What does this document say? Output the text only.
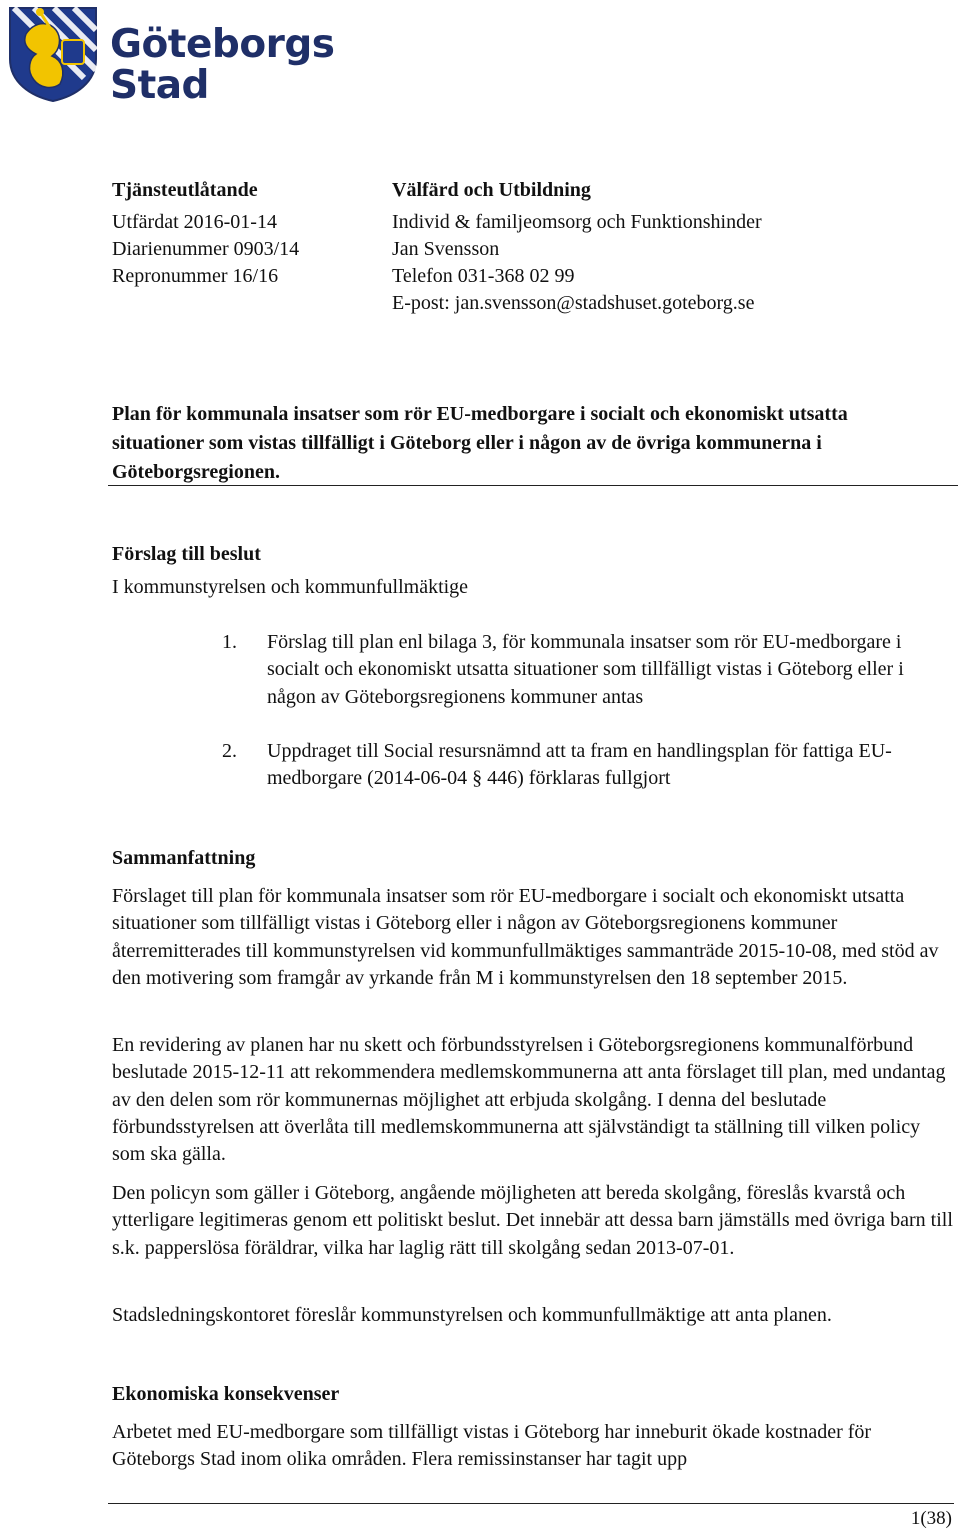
Göteborgs
Stad
Tjänsteutlåtande
Utfärdat 2016-01-14
Diarienummer 0903/14
Repronummer 16/16
Välfärd och Utbildning
Individ & familjeomsorg och Funktionshinder
Jan Svensson
Telefon 031-368 02 99
E-post: jan.svensson@stadshuset.goteborg.se
Plan för kommunala insatser som rör EU-medborgare i socialt och ekonomiskt utsatta situationer som vistas tillfälligt i Göteborg eller i någon av de övriga kommunerna i Göteborgsregionen.
Förslag till beslut
I kommunstyrelsen och kommunfullmäktige
1. Förslag till plan enl bilaga 3, för kommunala insatser som rör EU-medborgare i socialt och ekonomiskt utsatta situationer som tillfälligt vistas i Göteborg eller i någon av Göteborgsregionens kommuner antas
2. Uppdraget till Social resursnämnd att ta fram en handlingsplan för fattiga EU-medborgare (2014-06-04 § 446) förklaras fullgjort
Sammanfattning
Förslaget till plan för kommunala insatser som rör EU-medborgare i socialt och ekonomiskt utsatta situationer som tillfälligt vistas i Göteborg eller i någon av Göteborgsregionens kommuner återremitterades till kommunstyrelsen vid kommunfullmäktiges sammanträde 2015-10-08, med stöd av den motivering som framgår av yrkande från M i kommunstyrelsen den 18 september 2015.
En revidering av planen har nu skett och förbundsstyrelsen i Göteborgsregionens kommunalförbund beslutade 2015-12-11 att rekommendera medlemskommunerna att anta förslaget till plan, med undantag av den delen som rör kommunernas möjlighet att erbjuda skolgång. I denna del beslutade förbundsstyrelsen att överlåta till medlemskommunerna att självständigt ta ställning till vilken policy som ska gälla.
Den policyn som gäller i Göteborg, angående möjligheten att bereda skolgång, föreslås kvarstå och ytterligare legitimeras genom ett politiskt beslut. Det innebär att dessa barn jämställs med övriga barn till s.k. papperslösa föräldrar, vilka har laglig rätt till skolgång sedan 2013-07-01.
Stadsledningskontoret föreslår kommunstyrelsen och kommunfullmäktige att anta planen.
Ekonomiska konsekvenser
Arbetet med EU-medborgare som tillfälligt vistas i Göteborg har inneburit ökade kostnader för Göteborgs Stad inom olika områden. Flera remissinstanser har tagit upp
1(38)
